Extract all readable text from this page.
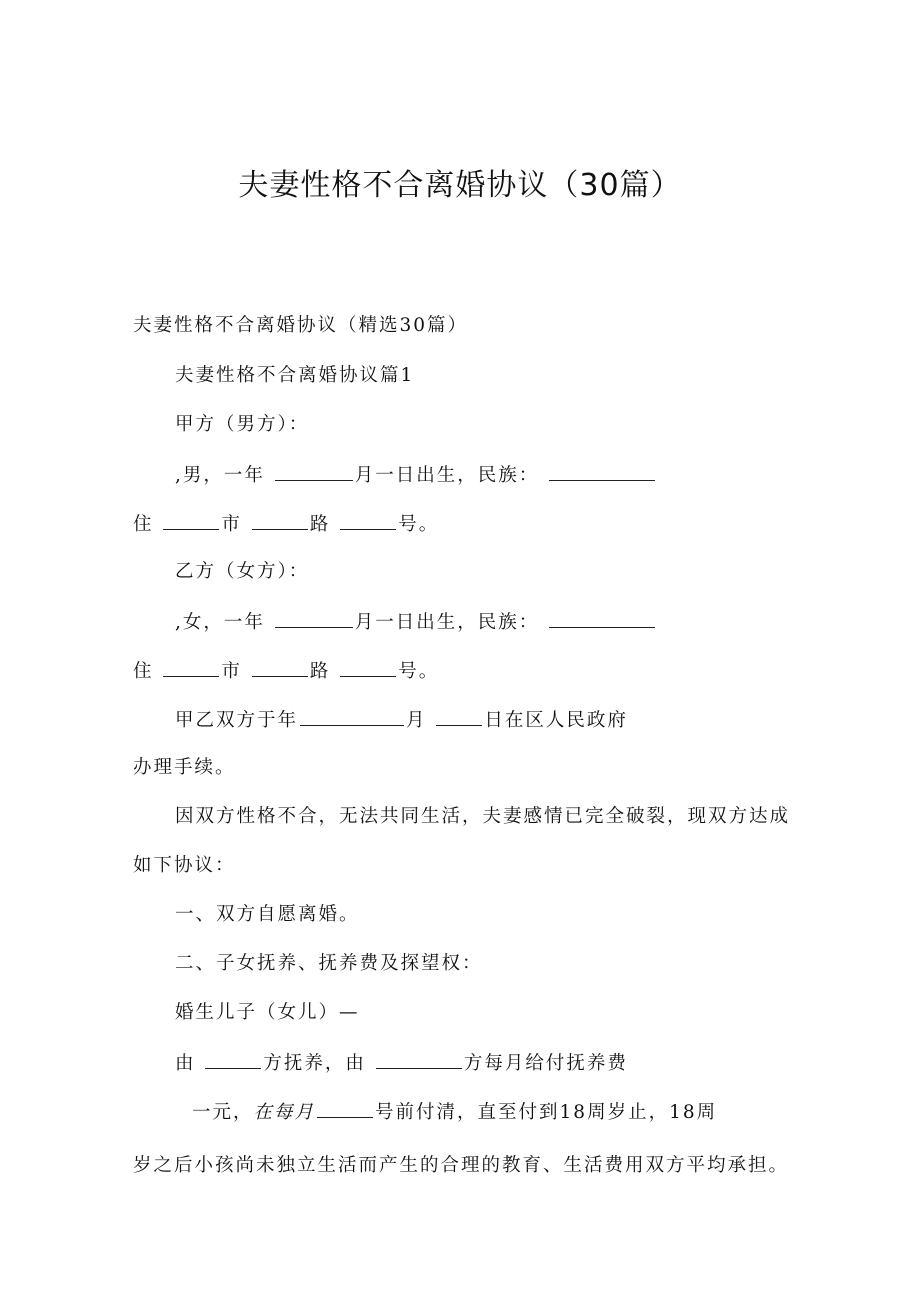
夫妻性格不合离婚协议（30篇）
夫妻性格不合离婚协议（精选30篇）
夫妻性格不合离婚协议篇1
甲方（男方）：
,男，一年	月一日出生，民族：
住	市	路	号。
乙方（女方）：
,女，一年	月一日出生，民族：
住	市	路	号。
甲乙双方于年	月	日在区人民政府
办理手续。
因双方性格不合，无法共同生活，夫妻感情已完全破裂，现双方达成
如下协议：
一、双方自愿离婚。
二、子女抚养、抚养费及探望权：
婚生儿子（女儿）—
由	方抚养，由	方每月给付抚养费
一元，在每月	号前付清，直至付到18周岁止，18周
岁之后小孩尚未独立生活而产生的合理的教育、生活费用双方平均承担。
